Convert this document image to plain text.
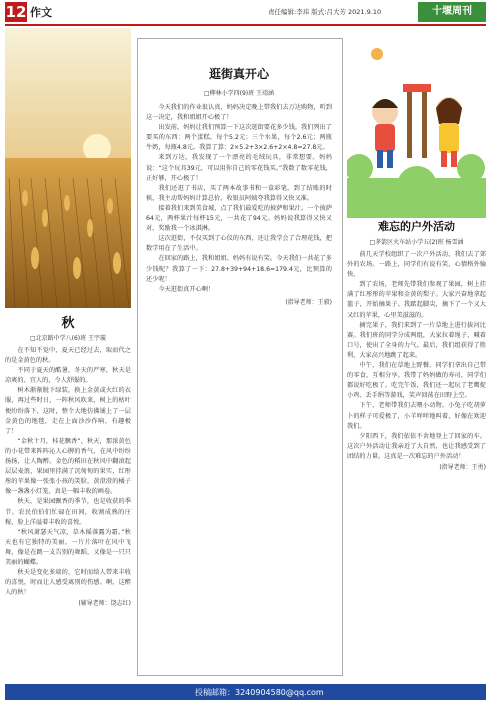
12 作文	责任编辑:李玮 版式:吕大芳 2021.9.10	十堰周刊
秋
□北京路中学八(6)班 王宇璇

在不知不觉中，夏天已经过去，取而代之的是金黄色的秋。

不同于夏天的酷暑，冬天的严寒，秋天是凉爽的、宜人的，令人舒服的。

树木渐渐脱下绿装，换上金黄或火红的衣服，再过些时日，一阵秋风吹来，树上的枯叶便纷纷落下，这时，整个大地仿佛铺上了一层金黄色的地毯，走在上面沙沙作响，有趣极了！

“金秋十月，桂花飘香”，秋天，那浓黄色的小花带来阵阵沁人心脾的香气，在风中纷纷扬扬，让人陶醉。金色的稻田在秋风中翻滚起层层麦浪，果园里挂满了沉甸甸的果实，红彤彤的苹果像一张张小孩的笑脸，黄澄澄的橘子像一盏盏小灯笼，真是一幅丰收的画卷。

秋天，是果园飘香的季节，也是收获的季节。农民伯伯们忙碌在田间，收割成熟的庄稼，脸上洋溢着丰收的喜悦。

“秋风萧瑟天气凉，草木摇落露为霜。”秋天也有它独特的美丽，一片片落叶在风中飞舞，像是在跳一支告别的舞蹈，又像是一只只美丽的蝴蝶。

秋天是变化多端的，它时而给人带来丰收的喜悦，时而让人感受离别的伤感。啊，这醉人的秋！

(辅导老师：饶志红)
逛街真开心
□柳林小学四(9)班 王靖涵

今天我们的作业很认真，妈妈决定晚上带我们去万达购物，听到这一决定，我和姐姐开心极了！

出发前，妈妈让我们预算一下这次逛街要花多少钱。我们列出了要买的东西：两个蛋糕，每个5.2元；三个水果，每个2.6元；两瓶牛奶，每瓶4.8元。我算了算：2×5.2+3×2.6+2×4.8=27.8元。

来到万达，我发现了一个漂亮的毛绒玩具，非常想要。妈妈说：“这个玩具39元，可以用你自己的零花钱买。”我数了数零花钱，正好够，开心极了！

我们还逛了书店，买了两本故事书和一盒彩笔。到了结账的时候，我主动帮妈妈计算总价，收银员阿姨夸我算得又快又准。

接着我们来到美食城，点了我们最爱吃的披萨和果汁。一个披萨64元，两杯果汁每杯15元，一共花了94元。妈妈说我算得又快又对，奖励我一个冰淇淋。

这次逛街，不仅买到了心仪的东西，还让我学会了合理花钱，把数学用在了生活中。

在回家的路上，我和姐姐、妈妈有说有笑。今天我们一共花了多少钱呢？我算了一下：27.8+39+94+18.6=179.4元，比预算的还少呢！

今天逛街真开心啊！

(指导老师：王毅)
难忘的户外活动
□茅箭区火车站小学五(2)班 杨雪涵

前几天学校组织了一次户外活动，我们去了郊外的农场。一路上，同学们有说有笑，心情格外愉快。

到了农场，老师先带我们参观了果园，树上挂满了红彤彤的苹果和金黄的梨子。大家兴奋地拿起篮子，开始摘果子。我踮起脚尖，摘下了一个又大又红的苹果，心里美滋滋的。

摘完果子，我们来到了一片草地上进行拔河比赛。我们班的同学分成两组，大家拉着绳子，喊着口号，使出了全身的力气。最后，我们组获得了胜利，大家高兴地跳了起来。

中午，我们在草地上野餐。同学们拿出自己带的零食，互相分享。我带了妈妈做的寿司，同学们都说好吃极了。吃完午饭，我们还一起玩了老鹰捉小鸡、丢手绢等游戏，笑声回荡在田野上空。

下午，老师带我们去喂小动物。小兔子吃胡萝卜的样子可爱极了，小羊咩咩地叫着，好像在欢迎我们。

夕阳西下，我们依依不舍地登上了回家的车。这次户外活动让我亲近了大自然，也让我感受到了团结的力量。这真是一次难忘的户外活动！

(指导老师：王勇)
投稿邮箱：3240904580@qq.com
